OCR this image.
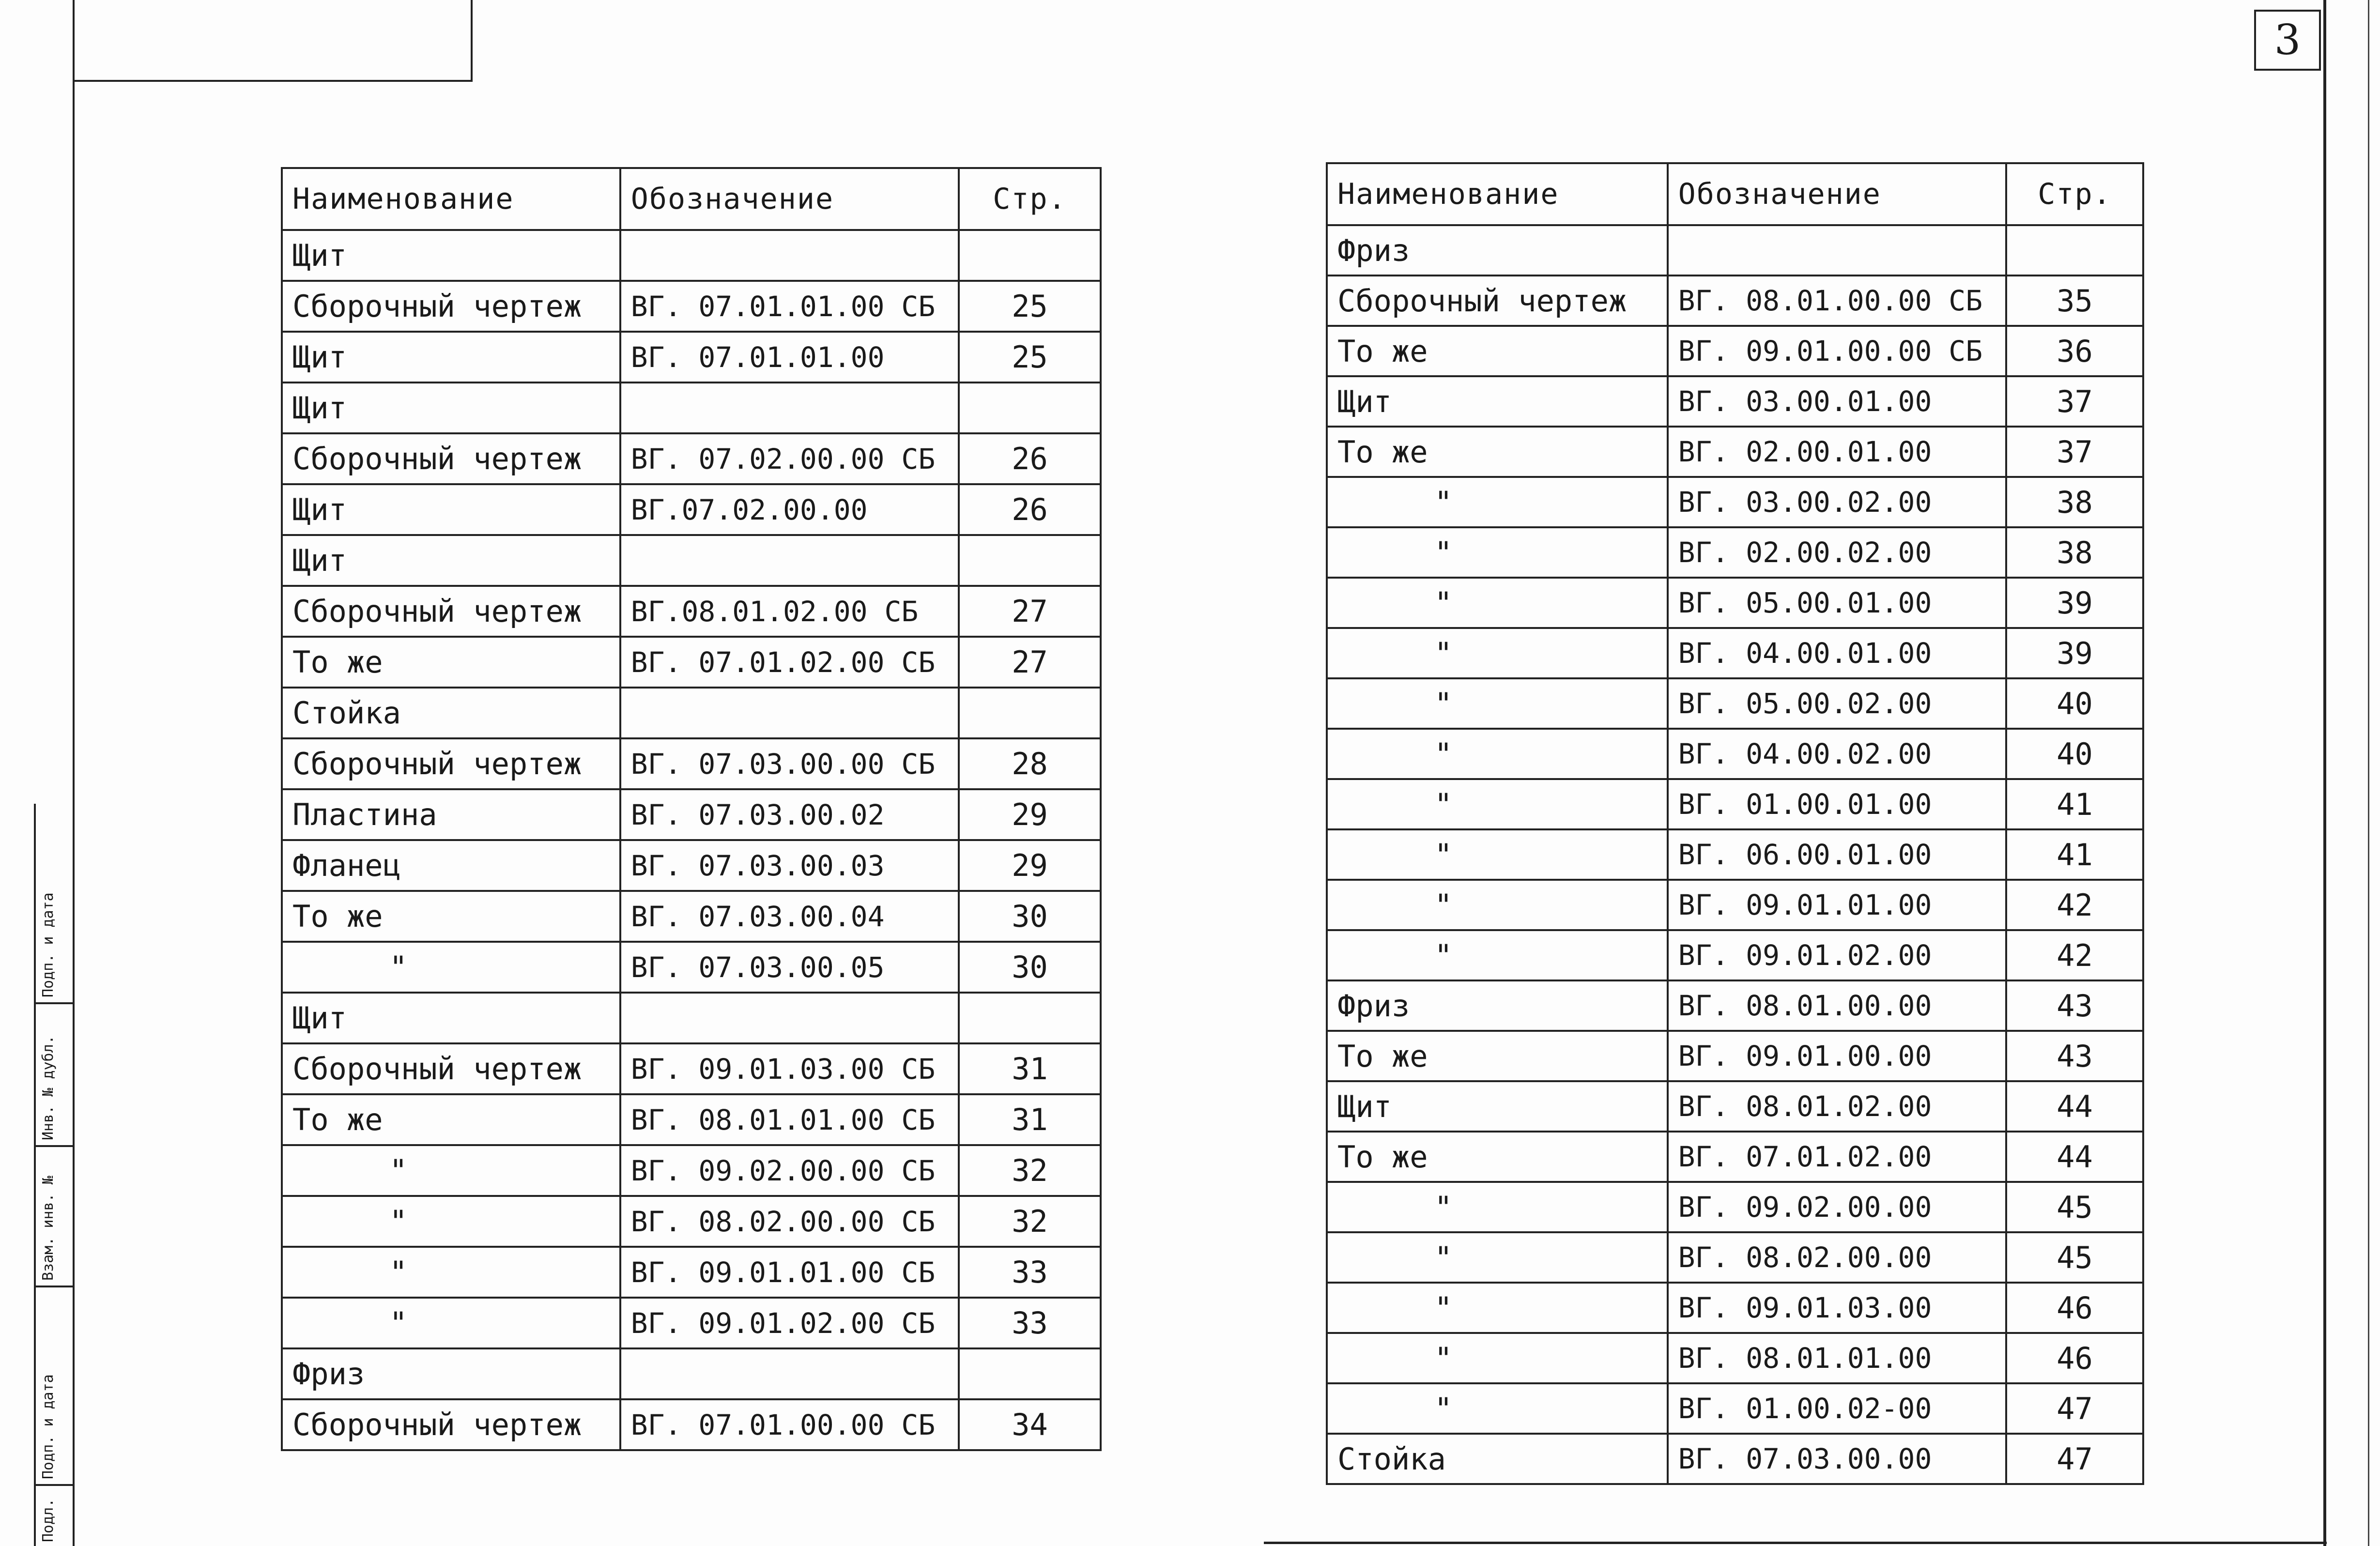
3
Подп. и дата
Инв. № дубл.
Взам. инв. №
Подп. и дата
Подл.
Наименование	Обозначение	Стр.
Щит		
Сборочный чертеж	ВГ. 07.01.01.00 СБ	25
Щит	ВГ. 07.01.01.00	25
Щит		
Сборочный чертеж	ВГ. 07.02.00.00 СБ	26
Щит	ВГ.07.02.00.00	26
Щит		
Сборочный чертеж	ВГ.08.01.02.00 СБ	27
То же	ВГ. 07.01.02.00 СБ	27
Стойка		
Сборочный чертеж	ВГ. 07.03.00.00 СБ	28
Пластина	ВГ. 07.03.00.02	29
Фланец	ВГ. 07.03.00.03	29
То же	ВГ. 07.03.00.04	30
"	ВГ. 07.03.00.05	30
Щит		
Сборочный чертеж	ВГ. 09.01.03.00 СБ	31
То же	ВГ. 08.01.01.00 СБ	31
"	ВГ. 09.02.00.00 СБ	32
"	ВГ. 08.02.00.00 СБ	32
"	ВГ. 09.01.01.00 СБ	33
"	ВГ. 09.01.02.00 СБ	33
Фриз		
Сборочный чертеж	ВГ. 07.01.00.00 СБ	34
Наименование	Обозначение	Стр.
Фриз		
Сборочный чертеж	ВГ. 08.01.00.00 СБ	35
То же	ВГ. 09.01.00.00 СБ	36
Щит	ВГ. 03.00.01.00	37
То же	ВГ. 02.00.01.00	37
"	ВГ. 03.00.02.00	38
"	ВГ. 02.00.02.00	38
"	ВГ. 05.00.01.00	39
"	ВГ. 04.00.01.00	39
"	ВГ. 05.00.02.00	40
"	ВГ. 04.00.02.00	40
"	ВГ. 01.00.01.00	41
"	ВГ. 06.00.01.00	41
"	ВГ. 09.01.01.00	42
"	ВГ. 09.01.02.00	42
Фриз	ВГ. 08.01.00.00	43
То же	ВГ. 09.01.00.00	43
Щит	ВГ. 08.01.02.00	44
То же	ВГ. 07.01.02.00	44
"	ВГ. 09.02.00.00	45
"	ВГ. 08.02.00.00	45
"	ВГ. 09.01.03.00	46
"	ВГ. 08.01.01.00	46
"	ВГ. 01.00.02-00	47
Стойка	ВГ. 07.03.00.00	47
